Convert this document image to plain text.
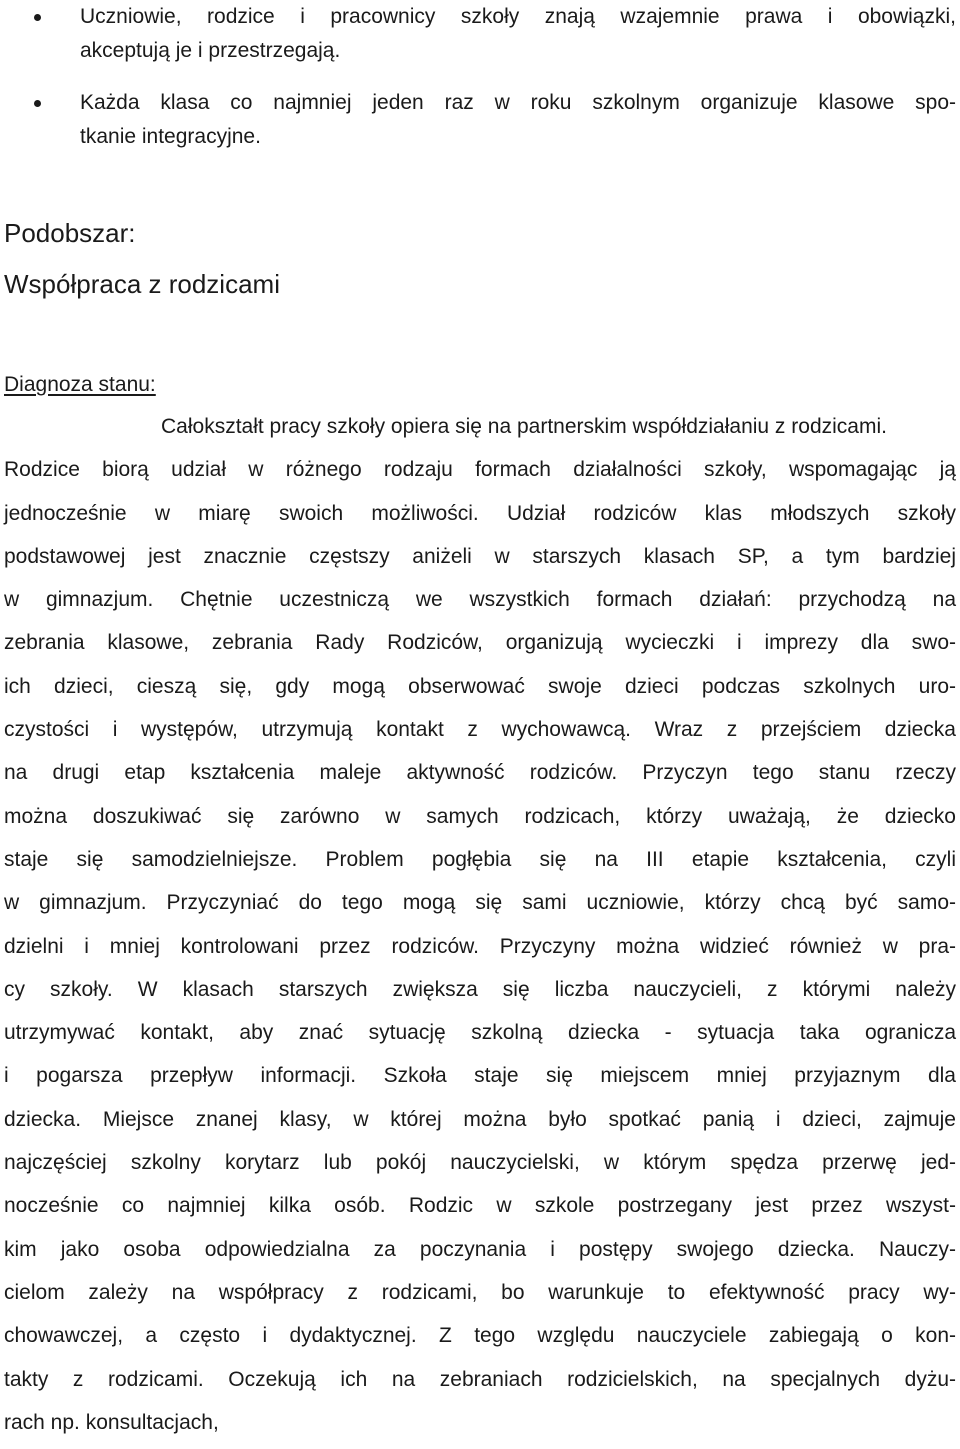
Uczniowie, rodzice i pracownicy szkoły znają wzajemnie prawa i obowiązki,
akceptują je i przestrzegają.
Każda klasa co najmniej jeden raz w roku szkolnym organizuje klasowe spo-
tkanie integracyjne.
Podobszar:
Współpraca z rodzicami
Diagnoza stanu:
Całokształt pracy szkoły opiera się na partnerskim współdziałaniu z rodzicami.
Rodzice biorą udział w różnego rodzaju formach działalności szkoły, wspomagając ją
jednocześnie w miarę swoich możliwości. Udział rodziców klas młodszych szkoły
podstawowej jest znacznie częstszy aniżeli w starszych klasach SP, a tym bardziej
w gimnazjum. Chętnie uczestniczą we wszystkich formach działań: przychodzą na
zebrania klasowe, zebrania Rady Rodziców, organizują wycieczki i imprezy dla swo-
ich dzieci, cieszą się, gdy mogą obserwować swoje dzieci podczas szkolnych uro-
czystości i występów, utrzymują kontakt z wychowawcą. Wraz z przejściem dziecka
na drugi etap kształcenia maleje aktywność rodziców. Przyczyn tego stanu rzeczy
można doszukiwać się zarówno w samych rodzicach, którzy uważają, że dziecko
staje się samodzielniejsze. Problem pogłębia się na III etapie kształcenia, czyli
w gimnazjum. Przyczyniać do tego mogą się sami uczniowie, którzy chcą być samo-
dzielni i mniej kontrolowani przez rodziców. Przyczyny można widzieć również w pra-
cy szkoły. W klasach starszych zwiększa się liczba nauczycieli, z którymi należy
utrzymywać kontakt, aby znać sytuację szkolną dziecka - sytuacja taka ogranicza
i pogarsza przepływ informacji. Szkoła staje się miejscem mniej przyjaznym dla
dziecka. Miejsce znanej klasy, w której można było spotkać panią i dzieci, zajmuje
najczęściej szkolny korytarz lub pokój nauczycielski, w którym spędza przerwę jed-
nocześnie co najmniej kilka osób. Rodzic w szkole postrzegany jest przez wszyst-
kim jako osoba odpowiedzialna za poczynania i postępy swojego dziecka. Nauczy-
cielom zależy na współpracy z rodzicami, bo warunkuje to efektywność pracy wy-
chowawczej, a często i dydaktycznej. Z tego względu nauczyciele zabiegają o kon-
takty z rodzicami. Oczekują ich na zebraniach rodzicielskich, na specjalnych dyżu-
rach np. konsultacjach,
